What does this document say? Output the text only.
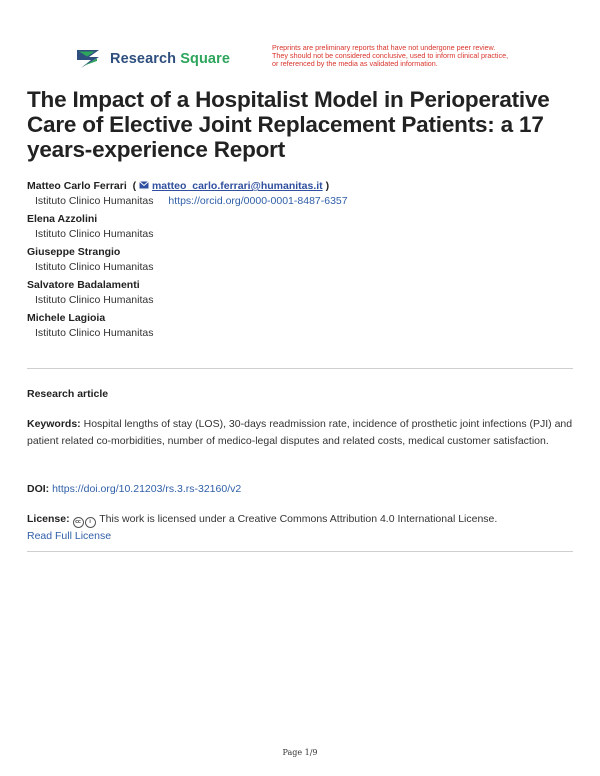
Research Square
Preprints are preliminary reports that have not undergone peer review.
They should not be considered conclusive, used to inform clinical practice,
or referenced by the media as validated information.
The Impact of a Hospitalist Model in Perioperative Care of Elective Joint Replacement Patients: a 17 years-experience Report
Matteo Carlo Ferrari  ( matteo_carlo.ferrari@humanitas.it )
Istituto Clinico Humanitas https://orcid.org/0000-0001-8487-6357
Elena Azzolini
Istituto Clinico Humanitas
Giuseppe Strangio
Istituto Clinico Humanitas
Salvatore Badalamenti
Istituto Clinico Humanitas
Michele Lagioia
Istituto Clinico Humanitas
Research article
Keywords: Hospital lengths of stay (LOS), 30-days readmission rate, incidence of prosthetic joint infections (PJI) and patient related co-morbidities, number of medico-legal disputes and related costs, medical customer satisfaction.
DOI: https://doi.org/10.21203/rs.3.rs-32160/v2
License: cc i This work is licensed under a Creative Commons Attribution 4.0 International License.
Read Full License
Page 1/9
